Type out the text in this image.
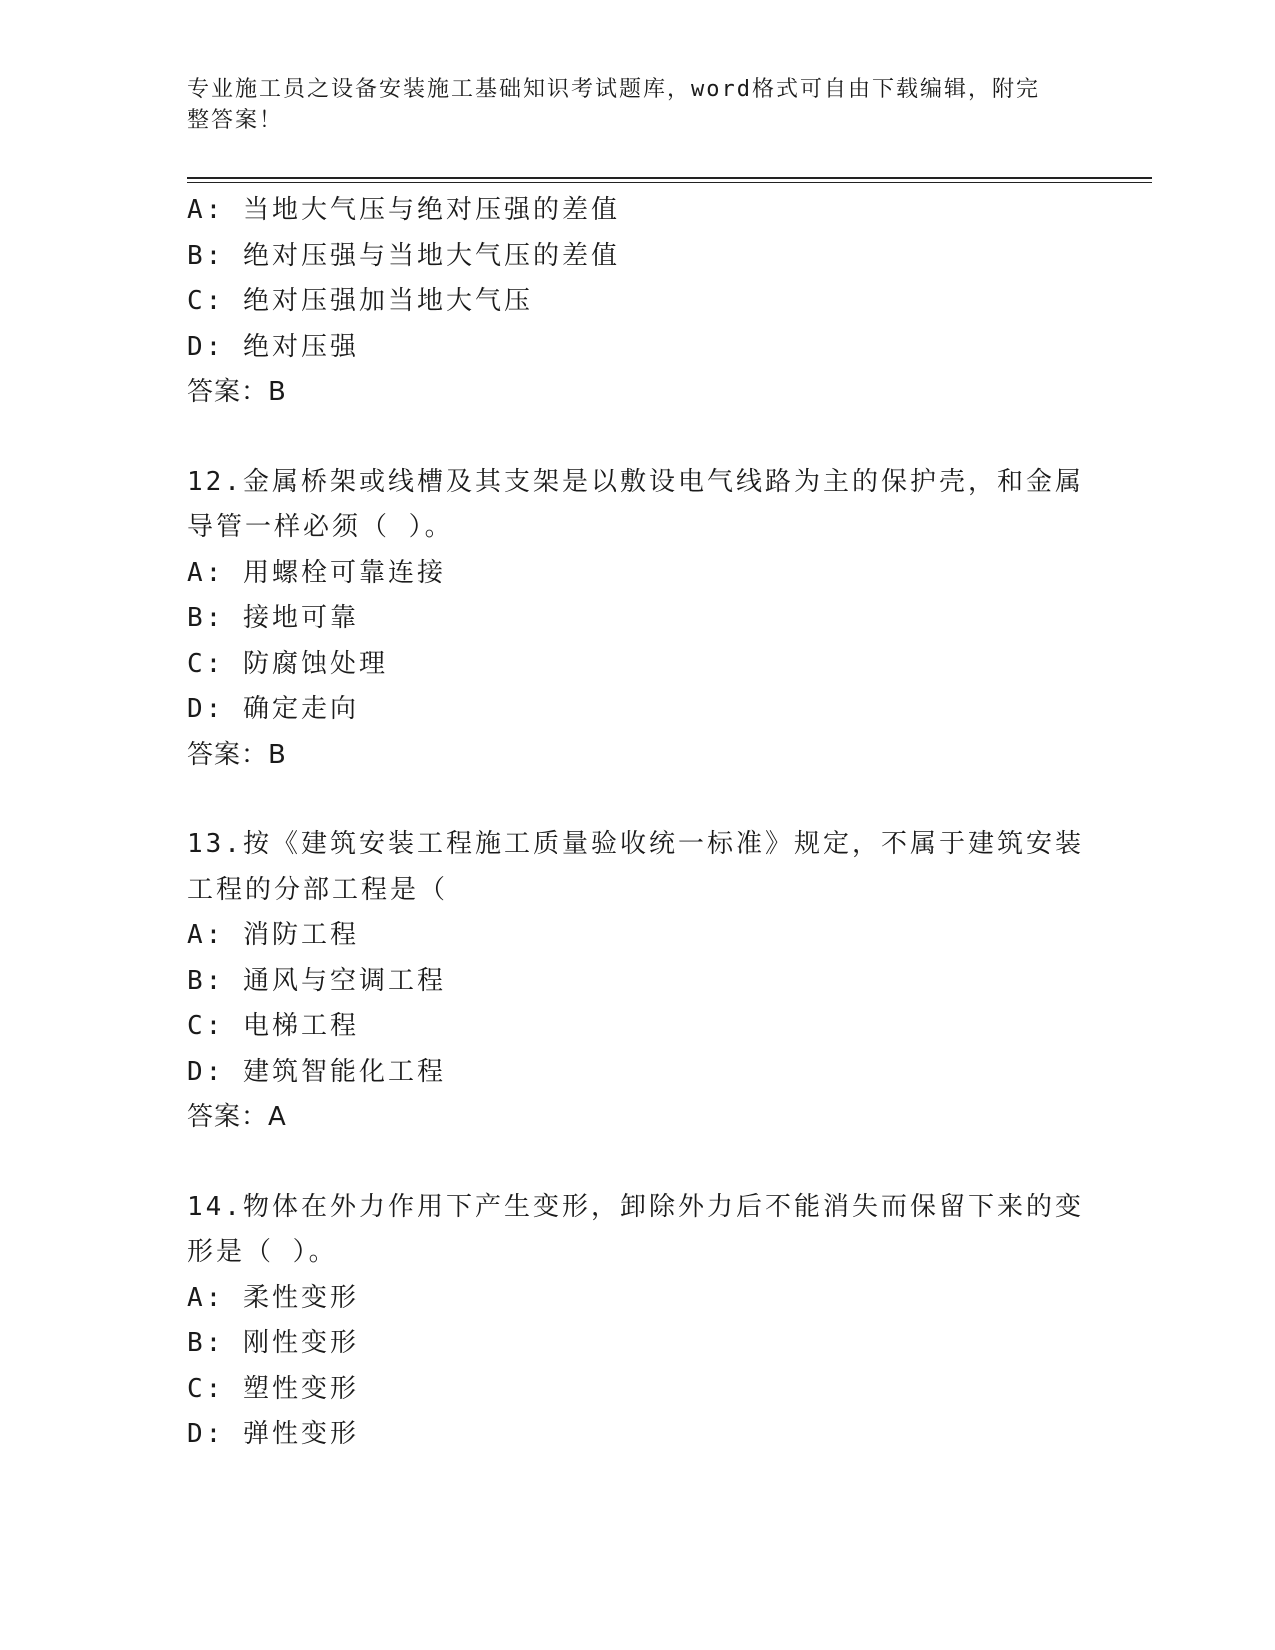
专业施工员之设备安装施工基础知识考试题库，word格式可自由下载编辑，附完
整答案！
A: 当地大气压与绝对压强的差值
B: 绝对压强与当地大气压的差值
C: 绝对压强加当地大气压
D: 绝对压强
答案：B
12.金属桥架或线槽及其支架是以敷设电气线路为主的保护壳，和金属
导管一样必须（ ）。
A: 用螺栓可靠连接
B: 接地可靠
C: 防腐蚀处理
D: 确定走向
答案：B
13.按《建筑安装工程施工质量验收统一标准》规定，不属于建筑安装
工程的分部工程是（
A: 消防工程
B: 通风与空调工程
C: 电梯工程
D: 建筑智能化工程
答案：A
14.物体在外力作用下产生变形，卸除外力后不能消失而保留下来的变
形是（ ）。
A: 柔性变形
B: 刚性变形
C: 塑性变形
D: 弹性变形
